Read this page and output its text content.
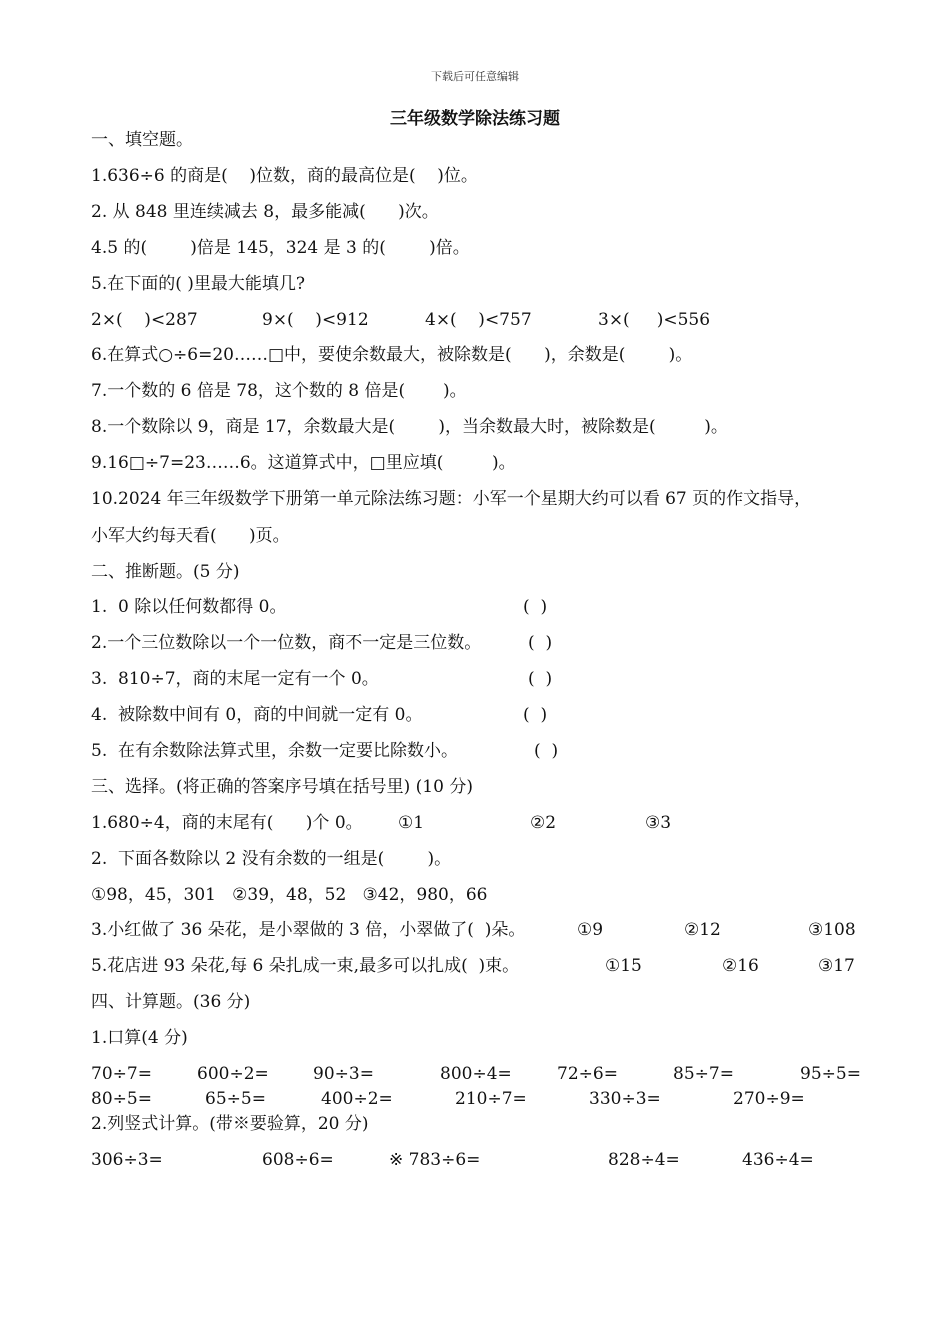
下载后可任意编辑
三年级数学除法练习题
一、填空题。
1.636÷6 的商是(    )位数，商的最高位是(    )位。
2. 从 848 里连续减去 8，最多能减(      )次。
4.5 的(        )倍是 145，324 是 3 的(        )倍。
5.在下面的( )里最大能填几?
2×(    )<287	9×(    )<912	4×(    )<757	3×(     )<556
6.在算式○÷6=20……□中，要使余数最大，被除数是(      )，余数是(        )。
7.一个数的 6 倍是 78，这个数的 8 倍是(       )。
8.一个数除以 9，商是 17，余数最大是(        )，当余数最大时，被除数是(         )。
9.16□÷7=23……6。这道算式中，□里应填(         )。
10.2024 年三年级数学下册第一单元除法练习题：小军一个星期大约可以看 67 页的作文指导，
小军大约每天看(      )页。
二、推断题。(5 分)
1.  0 除以任何数都得 0。	(  )
2.一个三位数除以一个一位数，商不一定是三位数。	(  )
3.  810÷7，商的末尾一定有一个 0。	(  )
4.  被除数中间有 0，商的中间就一定有 0。	(  )
5.  在有余数除法算式里，余数一定要比除数小。	(  )
三、选择。(将正确的答案序号填在括号里) (10 分)
1.680÷4，商的末尾有(      )个 0。 ①1	②2	③3
2.  下面各数除以 2 没有余数的一组是(        )。
①98，45，301   ②39，48，52   ③42，980，66
3.小红做了 36 朵花，是小翠做的 3 倍，小翠做了(  )朵。	①9	②12	③108
5.花店进 93 朵花,每 6 朵扎成一束,最多可以扎成(  )束。	①15	②16	③17
四、计算题。(36 分)
1.口算(4 分)
70÷7=	600÷2=	90÷3=	800÷4=	72÷6=	85÷7=	95÷5=
80÷5=	65÷5=	400÷2=	210÷7=	330÷3=	270÷9=
2.列竖式计算。(带※要验算，20 分)
306÷3=	608÷6=	※ 783÷6=	828÷4=	436÷4=
